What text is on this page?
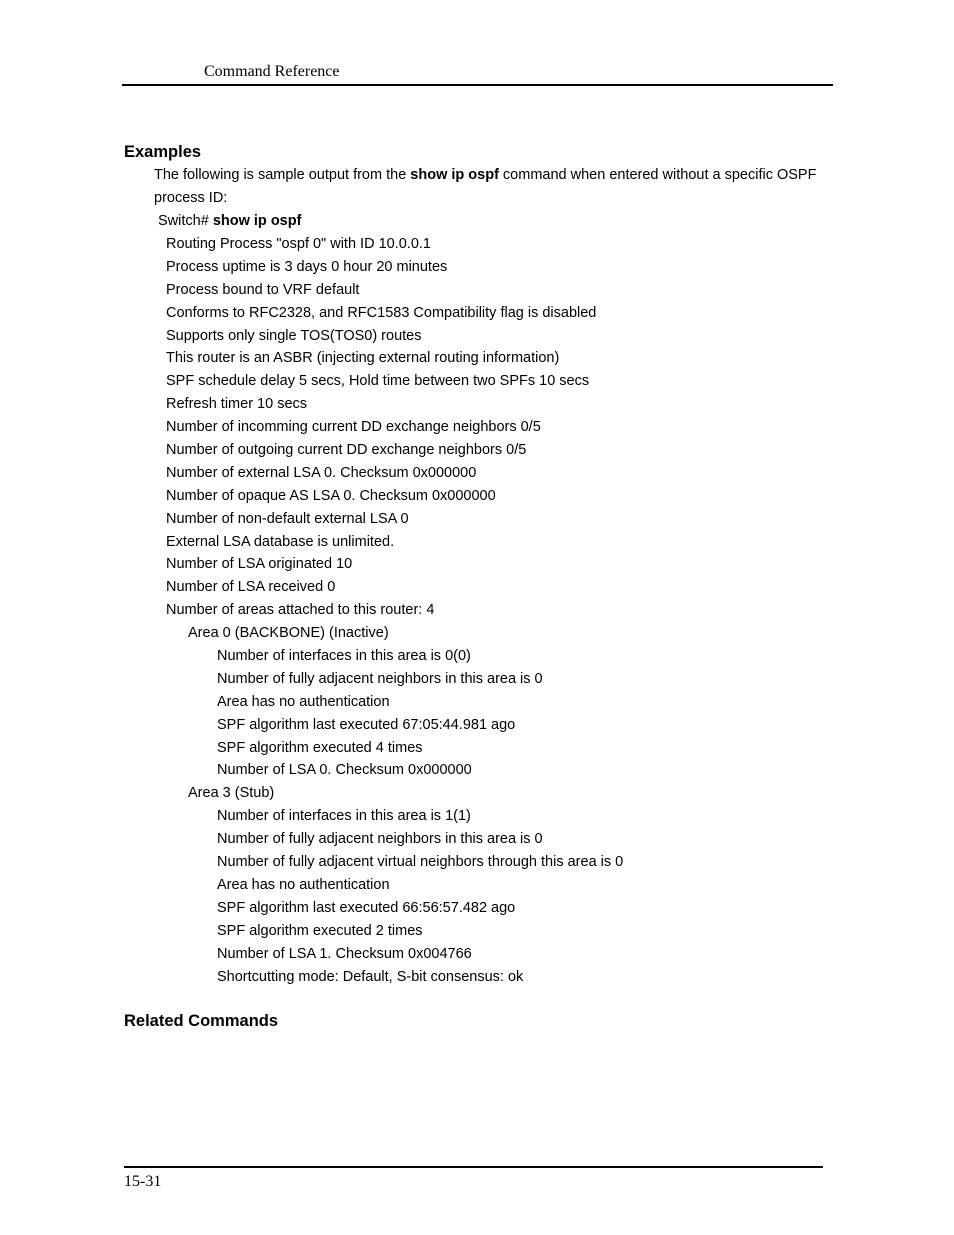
Command Reference
Examples
The following is sample output from the show ip ospf command when entered without a specific OSPF process ID:
Switch# show ip ospf
Routing Process "ospf 0" with ID 10.0.0.1
Process uptime is 3 days 0 hour 20 minutes
Process bound to VRF default
Conforms to RFC2328, and RFC1583 Compatibility flag is disabled
Supports only single TOS(TOS0) routes
This router is an ASBR (injecting external routing information)
SPF schedule delay 5 secs, Hold time between two SPFs 10 secs
Refresh timer 10 secs
Number of incomming current DD exchange neighbors 0/5
Number of outgoing current DD exchange neighbors 0/5
Number of external LSA 0. Checksum 0x000000
Number of opaque AS LSA 0. Checksum 0x000000
Number of non-default external LSA 0
External LSA database is unlimited.
Number of LSA originated 10
Number of LSA received 0
Number of areas attached to this router: 4
Area 0 (BACKBONE) (Inactive)
Number of interfaces in this area is 0(0)
Number of fully adjacent neighbors in this area is 0
Area has no authentication
SPF algorithm last executed 67:05:44.981 ago
SPF algorithm executed 4 times
Number of LSA 0. Checksum 0x000000
Area 3 (Stub)
Number of interfaces in this area is 1(1)
Number of fully adjacent neighbors in this area is 0
Number of fully adjacent virtual neighbors through this area is 0
Area has no authentication
SPF algorithm last executed 66:56:57.482 ago
SPF algorithm executed 2 times
Number of LSA 1. Checksum 0x004766
Shortcutting mode: Default, S-bit consensus: ok
Related Commands
15-31
